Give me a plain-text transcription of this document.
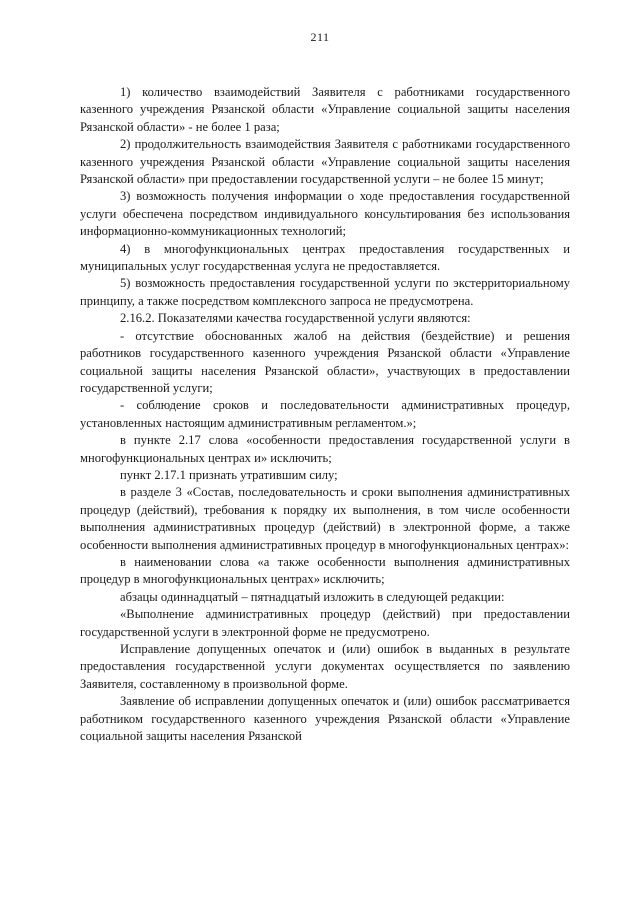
211

1) количество взаимодействий Заявителя с работниками государственного казенного учреждения Рязанской области «Управление социальной защиты населения Рязанской области» - не более 1 раза;

2) продолжительность взаимодействия Заявителя с работниками государственного казенного учреждения Рязанской области «Управление социальной защиты населения Рязанской области» при предоставлении государственной услуги – не более 15 минут;

3) возможность получения информации о ходе предоставления государственной услуги обеспечена посредством индивидуального консультирования без использования информационно-коммуникационных технологий;

4) в многофункциональных центрах предоставления государственных и муниципальных услуг государственная услуга не предоставляется.

5) возможность предоставления государственной услуги по экстерриториальному принципу, а также посредством комплексного запроса не предусмотрена.

2.16.2. Показателями качества государственной услуги являются:

- отсутствие обоснованных жалоб на действия (бездействие) и решения работников государственного казенного учреждения Рязанской области «Управление социальной защиты населения Рязанской области», участвующих в предоставлении государственной услуги;

- соблюдение сроков и последовательности административных процедур, установленных настоящим административным регламентом.»;

в пункте 2.17 слова «особенности предоставления государственной услуги в многофункциональных центрах и» исключить;

пункт 2.17.1 признать утратившим силу;

в разделе 3 «Состав, последовательность и сроки выполнения административных процедур (действий), требования к порядку их выполнения, в том числе особенности выполнения административных процедур (действий) в электронной форме, а также особенности выполнения административных процедур в многофункциональных центрах»:

в наименовании слова «а также особенности выполнения административных процедур в многофункциональных центрах» исключить;

абзацы одиннадцатый – пятнадцатый изложить в следующей редакции:

«Выполнение административных процедур (действий) при предоставлении государственной услуги в электронной форме не предусмотрено.

Исправление допущенных опечаток и (или) ошибок в выданных в результате предоставления государственной услуги документах осуществляется по заявлению Заявителя, составленному в произвольной форме.

Заявление об исправлении допущенных опечаток и (или) ошибок рассматривается работником государственного казенного учреждения Рязанской области «Управление социальной защиты населения Рязанской
